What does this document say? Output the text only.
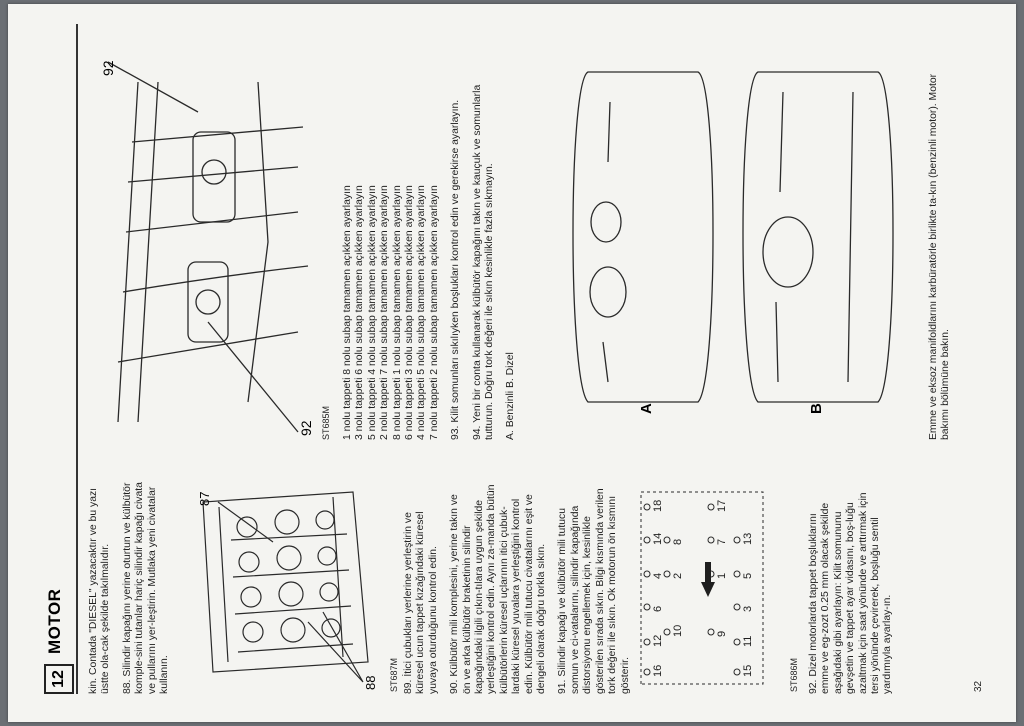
12
MOTOR kin. Contada "DIESEL" yazacaktır ve bu yazı üstte ola-cak şekilde takılmalıdır. 88. Silindir kapağını yerine oturtun ve külbütör komple-sini tutanlar hariç silindir kapağı civata ve pullarını yer-leştirin. Mutlaka yeni civatalar kullanın.	88
87
ST687M 89. İtici çubukları yerlerine yerleştirin ve küresel ucun tappet kızağındaki küresel yuvaya oturduğunu kontrol edin. 90. Külbütör mili komplesini, yerine takın ve ön ve arka külbütör braketinin silindir kapağındaki ilgili çıkın-tılara uygun şekilde yerleştiğini kontrol edin. Aynı za-manda bütün külbütörlerin küresel uçlarının itici çubuk-lardaki küresel yuvalara yerleştiğini kontrol edin. Külbütör mili tutucu civatalarını eşit ve dengeli olarak doğru torkla sıkın. 91. Silindir kapağı ve külbütör mili tutucu somun ve ci-vatalarını, silindir kapağında distorsiyonu engellemek için, kesinlikle gösterilen sırada sıkın. Bilgi kısmında verilen tork değeri ile sıkın. Ok motorun ön kısmını gösterir. 16
12
6
4
14
18
10
2
8
9
1
7
17
15
11
3
5
13
ST686M 92. Dizel motorlarda tappet boşluklarını emme ve eg-zozt 0.25 mm olacak şekilde aşağıdaki gibi ayarlayın: Kilit somununu gevşetin ve tappet ayar vidasını, boş-luğu azaltmak için saat yönünde ve arttırmak için tersi yönünde çevirerek, boşluğu sentil yardımıyla ayarlay-ın.	32
92
92
ST685M 1 nolu tappeti 8 nolu subap tamamen açıkken ayarlayın 3 nolu tappeti 6 nolu subap tamamen açıkken ayarlayın 5 nolu tappeti 4 nolu subap tamamen açıkken ayarlayın 2 nolu tappeti 7 nolu subap tamamen açıkken ayarlayın 8 nolu tappeti 1 nolu subap tamamen açıkken ayarlayın 6 nolu tappeti 3 nolu subap tamamen açıkken ayarlayın 4 nolu tappeti 5 nolu subap tamamen açıkken ayarlayın 7 nolu tappeti 2 nolu subap tamamen açıkken ayarlayın 93. Kilit somunları sıkılıyken boşlukları kontrol edin ve gerekirse ayarlayın. 94. Yeni bir conta kullanarak külbütör kapağını takın ve kauçuk ve somunlarla tutturun. Doğru tork değeri ile sıkın kesinlikle fazla sıkmayın. A. Benzinli B. Dizel	A	B	Emme ve eksoz manifoldlarını karbüratörle birlikte ta-kın (benzinli motor). Motor bakımı bölümüne bakın.
